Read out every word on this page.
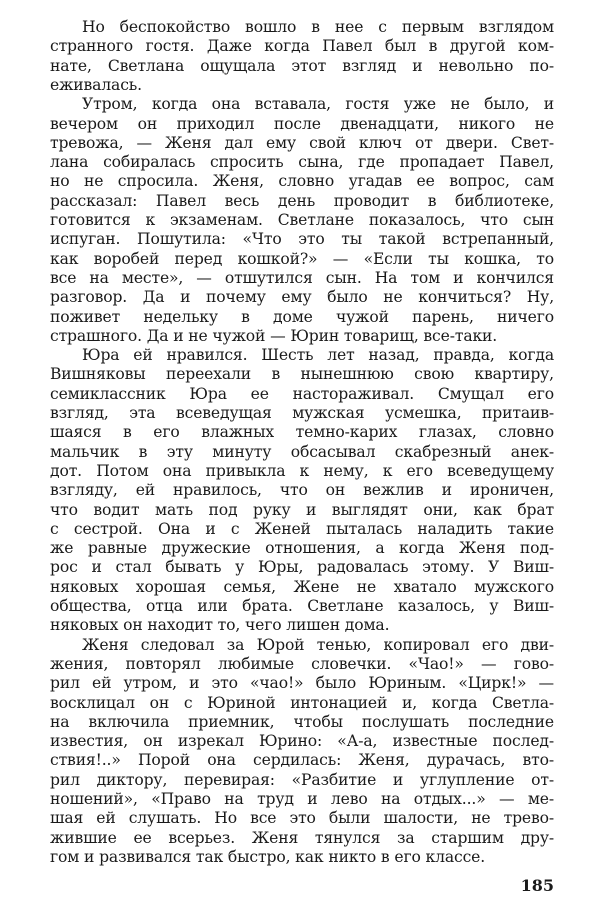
Но беспокойство вошло в нее с первым взглядом
странного гостя. Даже когда Павел был в другой ком-
нате, Светлана ощущала этот взгляд и невольно по-
еживалась.
Утром, когда она вставала, гостя уже не было, и
вечером он приходил после двенадцати, никого не
тревожа, — Женя дал ему свой ключ от двери. Свет-
лана собиралась спросить сына, где пропадает Павел,
но не спросила. Женя, словно угадав ее вопрос, сам
рассказал: Павел весь день проводит в библиотеке,
готовится к экзаменам. Светлане показалось, что сын
испуган. Пошутила: «Что это ты такой встрепанный,
как воробей перед кошкой?» — «Если ты кошка, то
все на месте», — отшутился сын. На том и кончился
разговор. Да и почему ему было не кончиться? Ну,
поживет недельку в доме чужой парень, ничего
страшного. Да и не чужой — Юрин товарищ, все-таки.
Юра ей нравился. Шесть лет назад, правда, когда
Вишняковы переехали в нынешнюю свою квартиру,
семиклассник Юра ее настораживал. Смущал его
взгляд, эта всеведущая мужская усмешка, притаив-
шаяся в его влажных темно-карих глазах, словно
мальчик в эту минуту обсасывал скабрезный анек-
дот. Потом она привыкла к нему, к его всеведущему
взгляду, ей нравилось, что он вежлив и ироничен,
что водит мать под руку и выглядят они, как брат
с сестрой. Она и с Женей пыталась наладить такие
же равные дружеские отношения, а когда Женя под-
рос и стал бывать у Юры, радовалась этому. У Виш-
няковых хорошая семья, Жене не хватало мужского
общества, отца или брата. Светлане казалось, у Виш-
няковых он находит то, чего лишен дома.
Женя следовал за Юрой тенью, копировал его дви-
жения, повторял любимые словечки. «Чао!» — гово-
рил ей утром, и это «чао!» было Юриным. «Цирк!» —
восклицал он с Юриной интонацией и, когда Светла-
на включила приемник, чтобы послушать последние
известия, он изрекал Юрино: «А-а, известные послед-
ствия!..» Порой она сердилась: Женя, дурачась, вто-
рил диктору, перевирая: «Разбитие и углупление от-
ношений», «Право на труд и лево на отдых...» — ме-
шая ей слушать. Но все это были шалости, не трево-
жившие ее всерьез. Женя тянулся за старшим дру-
гом и развивался так быстро, как никто в его классе.
185
